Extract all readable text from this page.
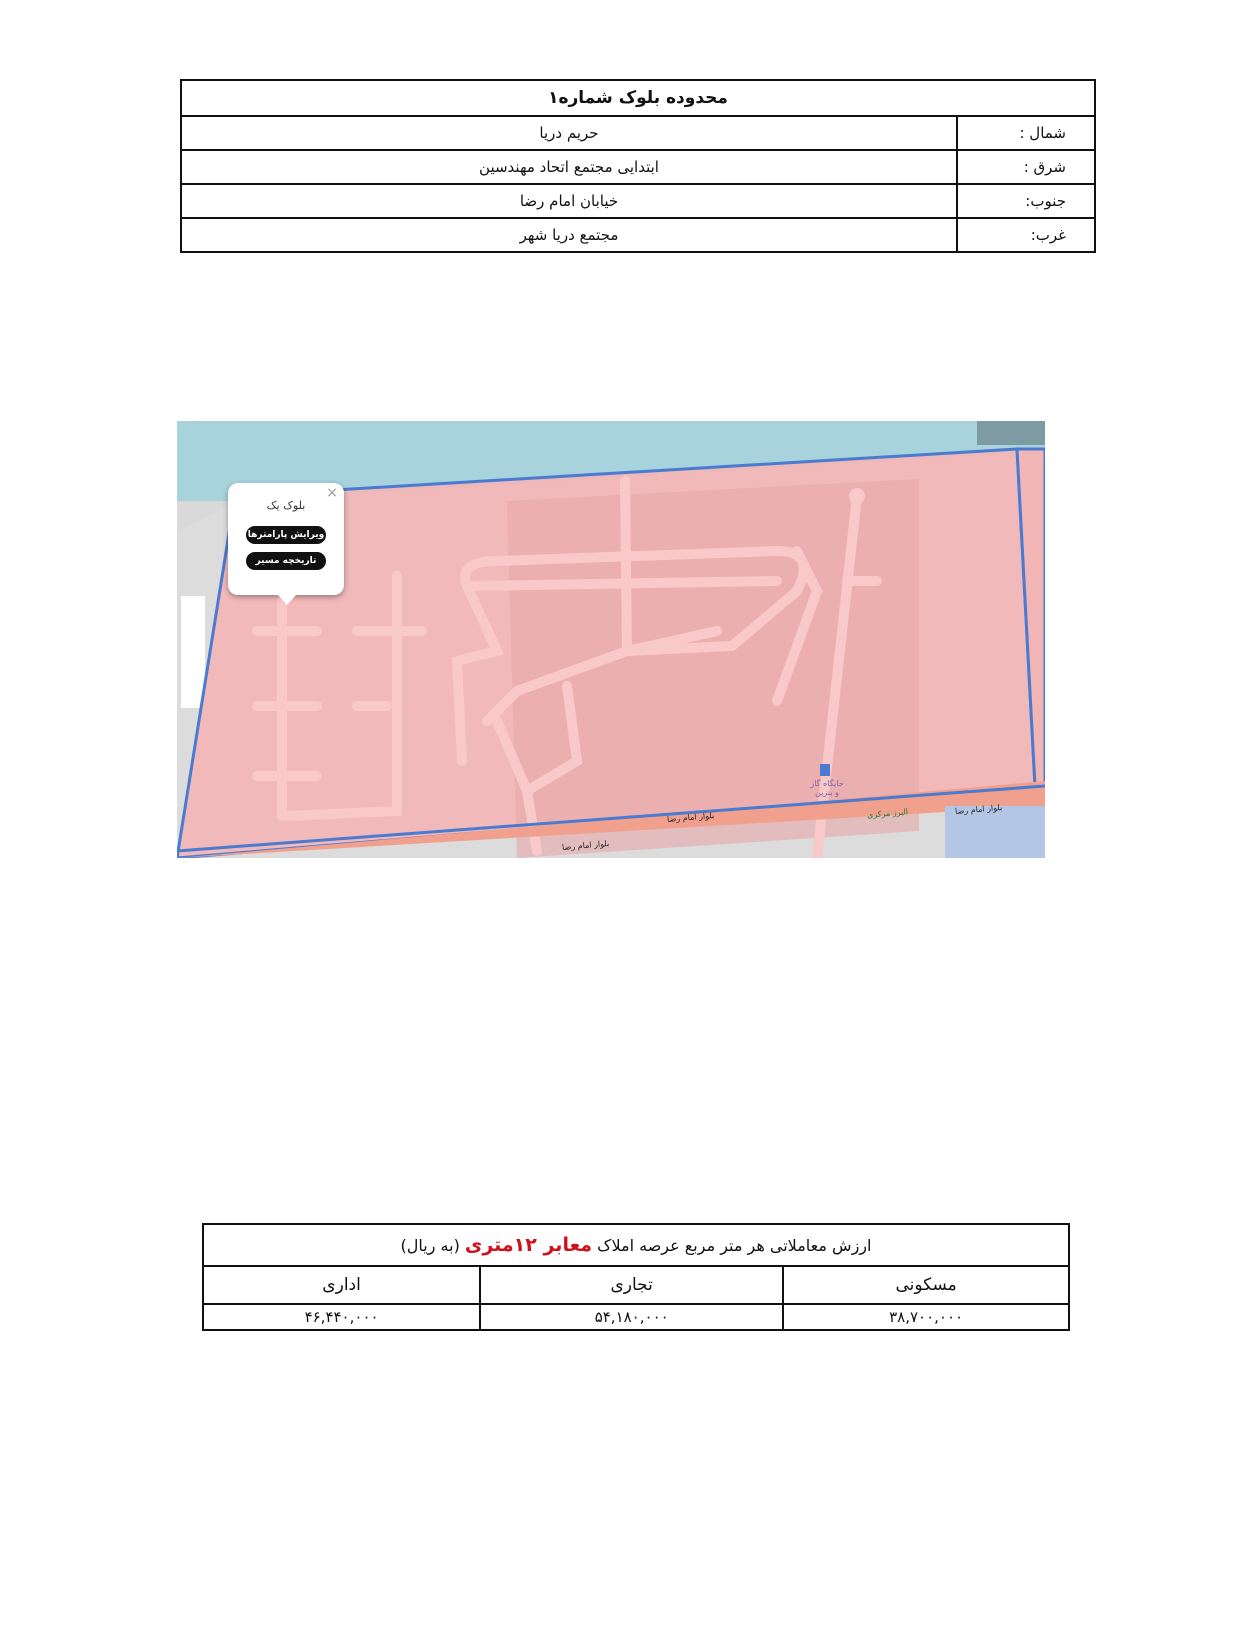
محدوده بلوک شماره۱	
شمال :	حریم دریا
شرق :	ابتدایی مجتمع اتحاد مهندسین
جنوب:	خیابان امام رضا
غرب:	مجتمع دریا شهر
×
بلوک یک
ویرایش پارامترها
تاریخچه مسیر
بلوار امام رضا
بلوار امام رضا
بلوار امام رضا
البرز مرکزی
جایگاه گاز و بنزین
ارزش معاملاتی هر متر مربع عرصه املاک معابر ۱۲متری (به ریال)		
مسکونی	تجاری	اداری
۳۸,۷۰۰,۰۰۰	۵۴,۱۸۰,۰۰۰	۴۶,۴۴۰,۰۰۰
